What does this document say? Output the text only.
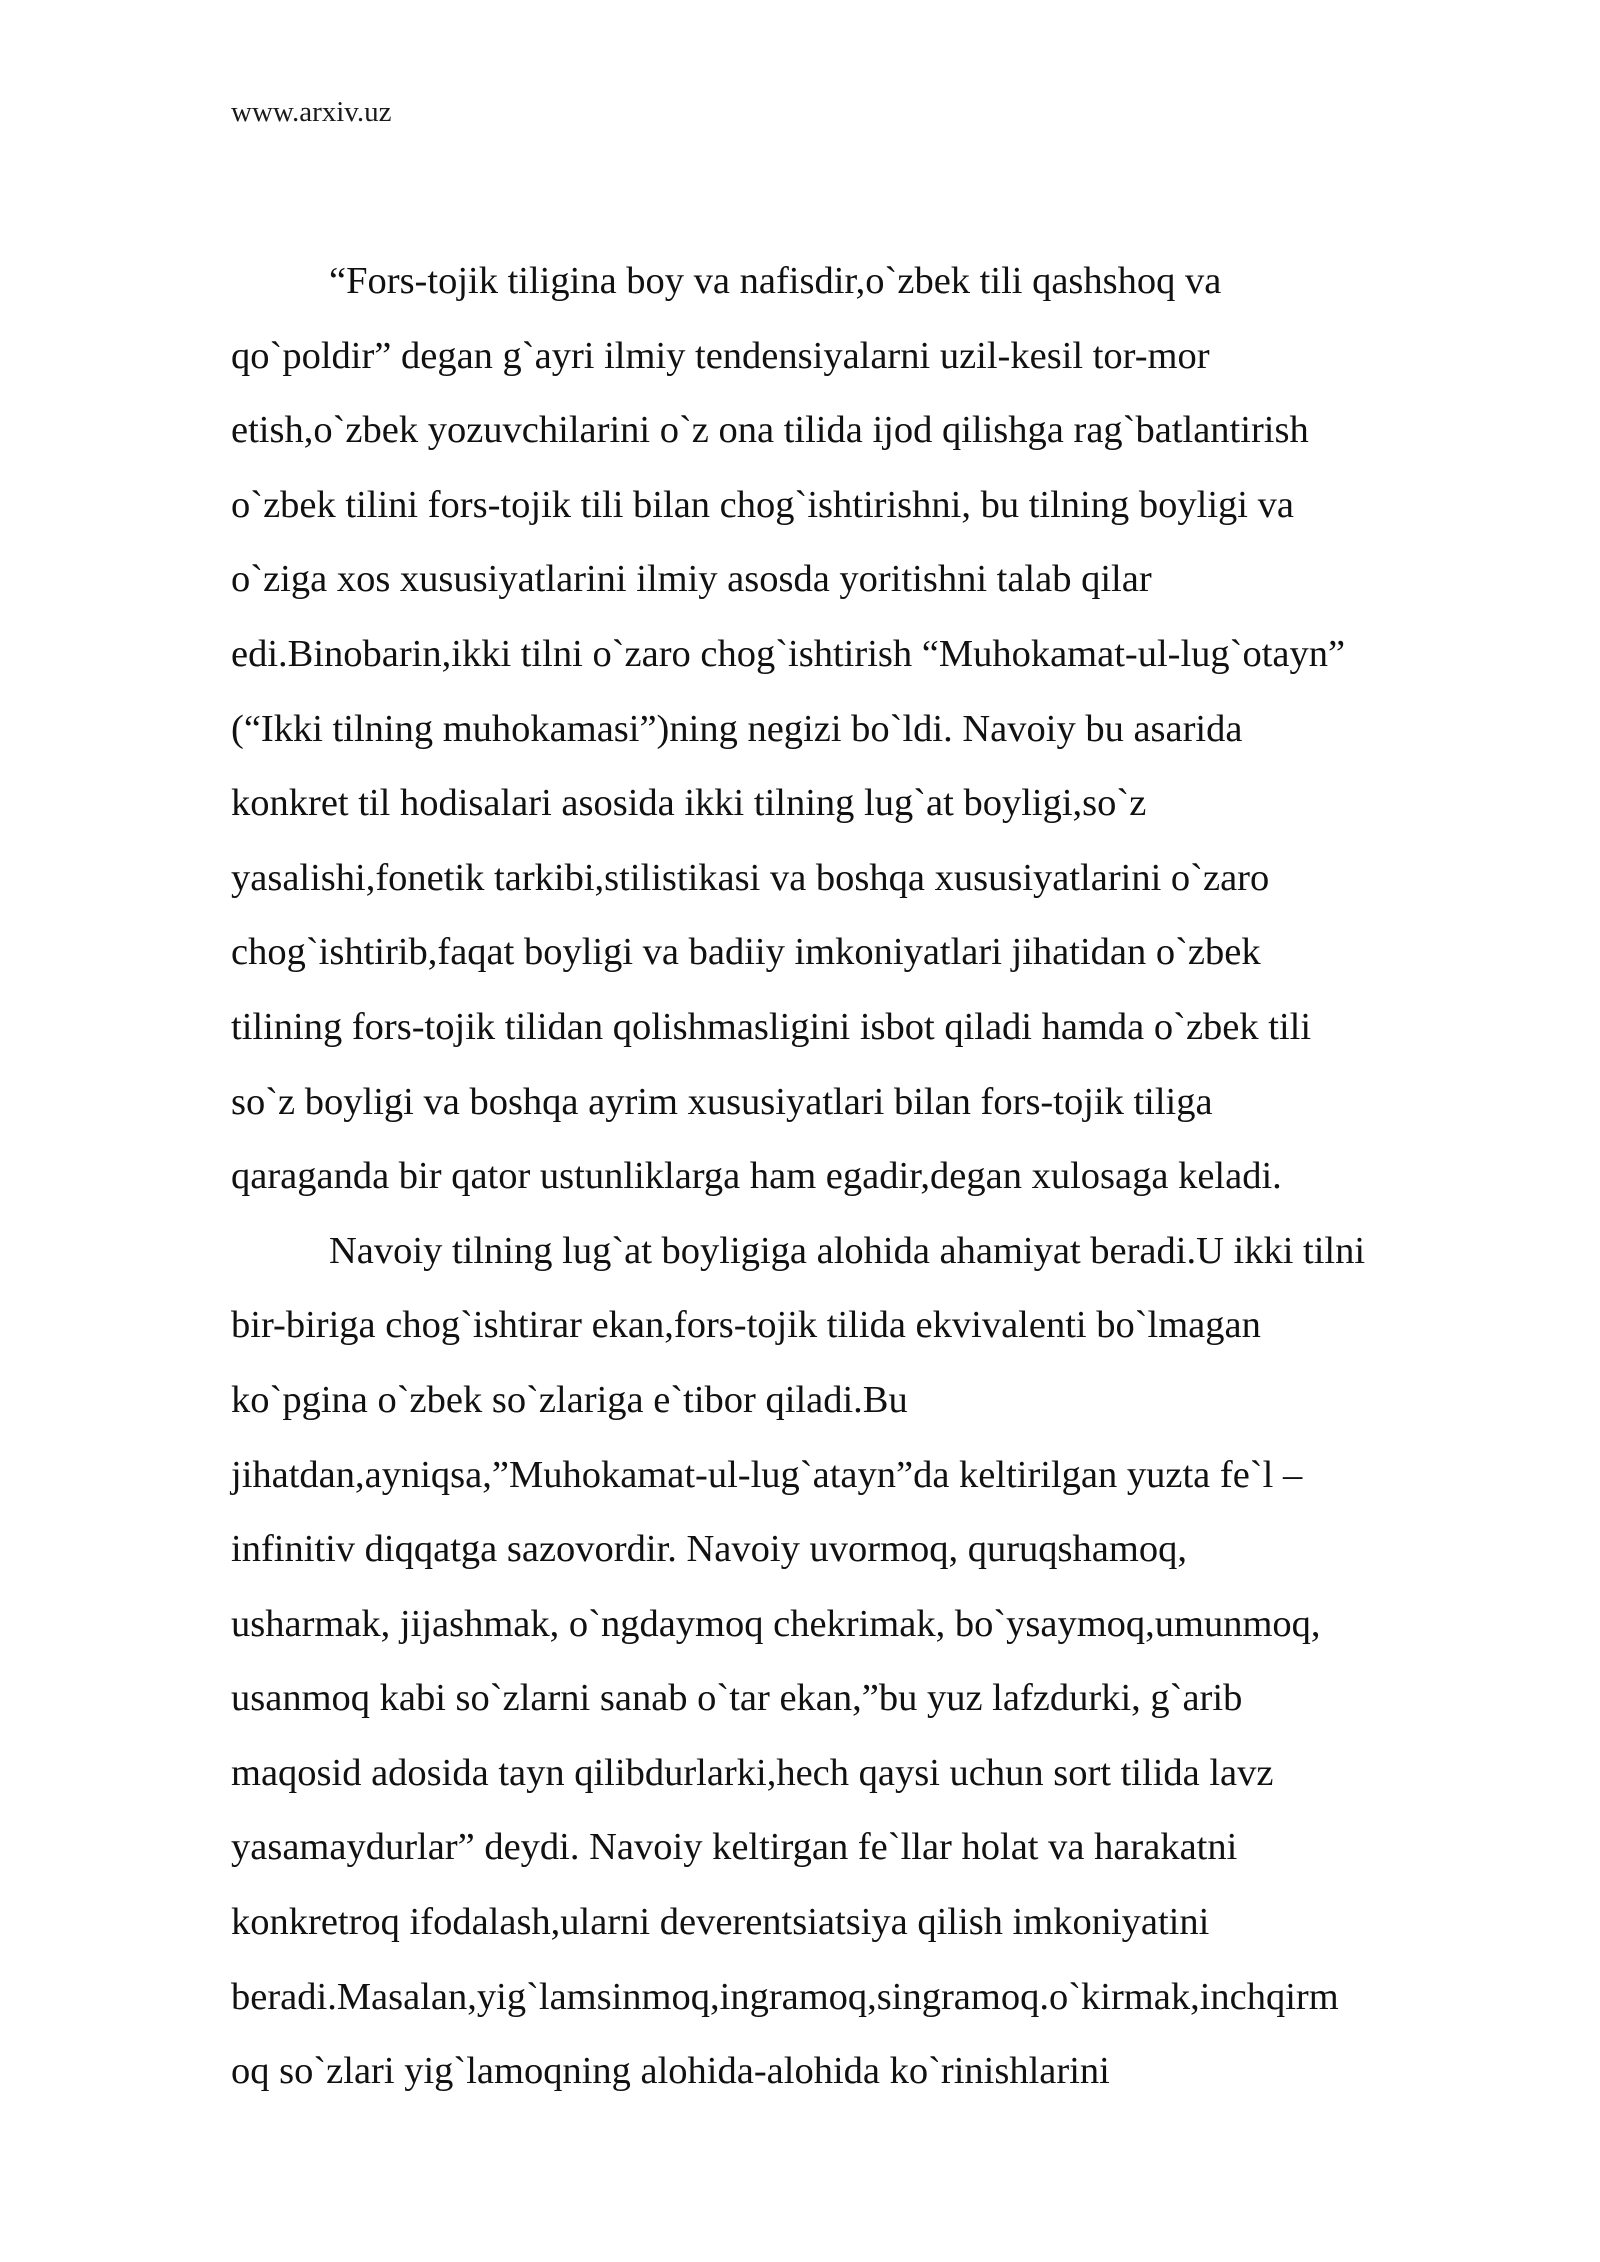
www.arxiv.uz
“Fors-tojik tiligina boy va nafisdir,o`zbek tili qashshoq va
qo`poldir” degan g`ayri ilmiy tendensiyalarni uzil-kesil tor-mor
etish,o`zbek yozuvchilarini o`z ona tilida ijod qilishga rag`batlantirish
o`zbek tilini fors-tojik tili bilan chog`ishtirishni, bu tilning boyligi va
o`ziga xos xususiyatlarini ilmiy asosda yoritishni talab qilar
edi.Binobarin,ikki tilni o`zaro chog`ishtirish “Muhokamat-ul-lug`otayn”
(“Ikki tilning muhokamasi”)ning negizi bo`ldi. Navoiy bu asarida
konkret til hodisalari asosida ikki tilning lug`at boyligi,so`z
yasalishi,fonetik tarkibi,stilistikasi va boshqa xususiyatlarini o`zaro
chog`ishtirib,faqat boyligi va badiiy imkoniyatlari jihatidan o`zbek
tilining fors-tojik tilidan qolishmasligini isbot qiladi hamda o`zbek tili
so`z boyligi va boshqa ayrim xususiyatlari bilan fors-tojik tiliga
qaraganda bir qator ustunliklarga ham egadir,degan xulosaga keladi.
Navoiy tilning lug`at boyligiga alohida ahamiyat beradi.U ikki tilni
bir-biriga chog`ishtirar ekan,fors-tojik tilida ekvivalenti bo`lmagan
ko`pgina o`zbek so`zlariga e`tibor qiladi.Bu
jihatdan,ayniqsa,”Muhokamat-ul-lug`atayn”da keltirilgan yuzta fe`l –
infinitiv diqqatga sazovordir. Navoiy uvormoq, quruqshamoq,
usharmak, jijashmak, o`ngdaymoq chekrimak, bo`ysaymoq,umunmoq,
usanmoq kabi so`zlarni sanab o`tar ekan,”bu yuz lafzdurki, g`arib
maqosid adosida tayn qilibdurlarki,hech qaysi uchun sort tilida lavz
yasamaydurlar” deydi. Navoiy keltirgan fe`llar holat va harakatni
konkretroq ifodalash,ularni deverentsiatsiya qilish imkoniyatini
beradi.Masalan,yig`lamsinmoq,ingramoq,singramoq.o`kirmak,inchqirm
oq so`zlari yig`lamoqning alohida-alohida ko`rinishlarini
